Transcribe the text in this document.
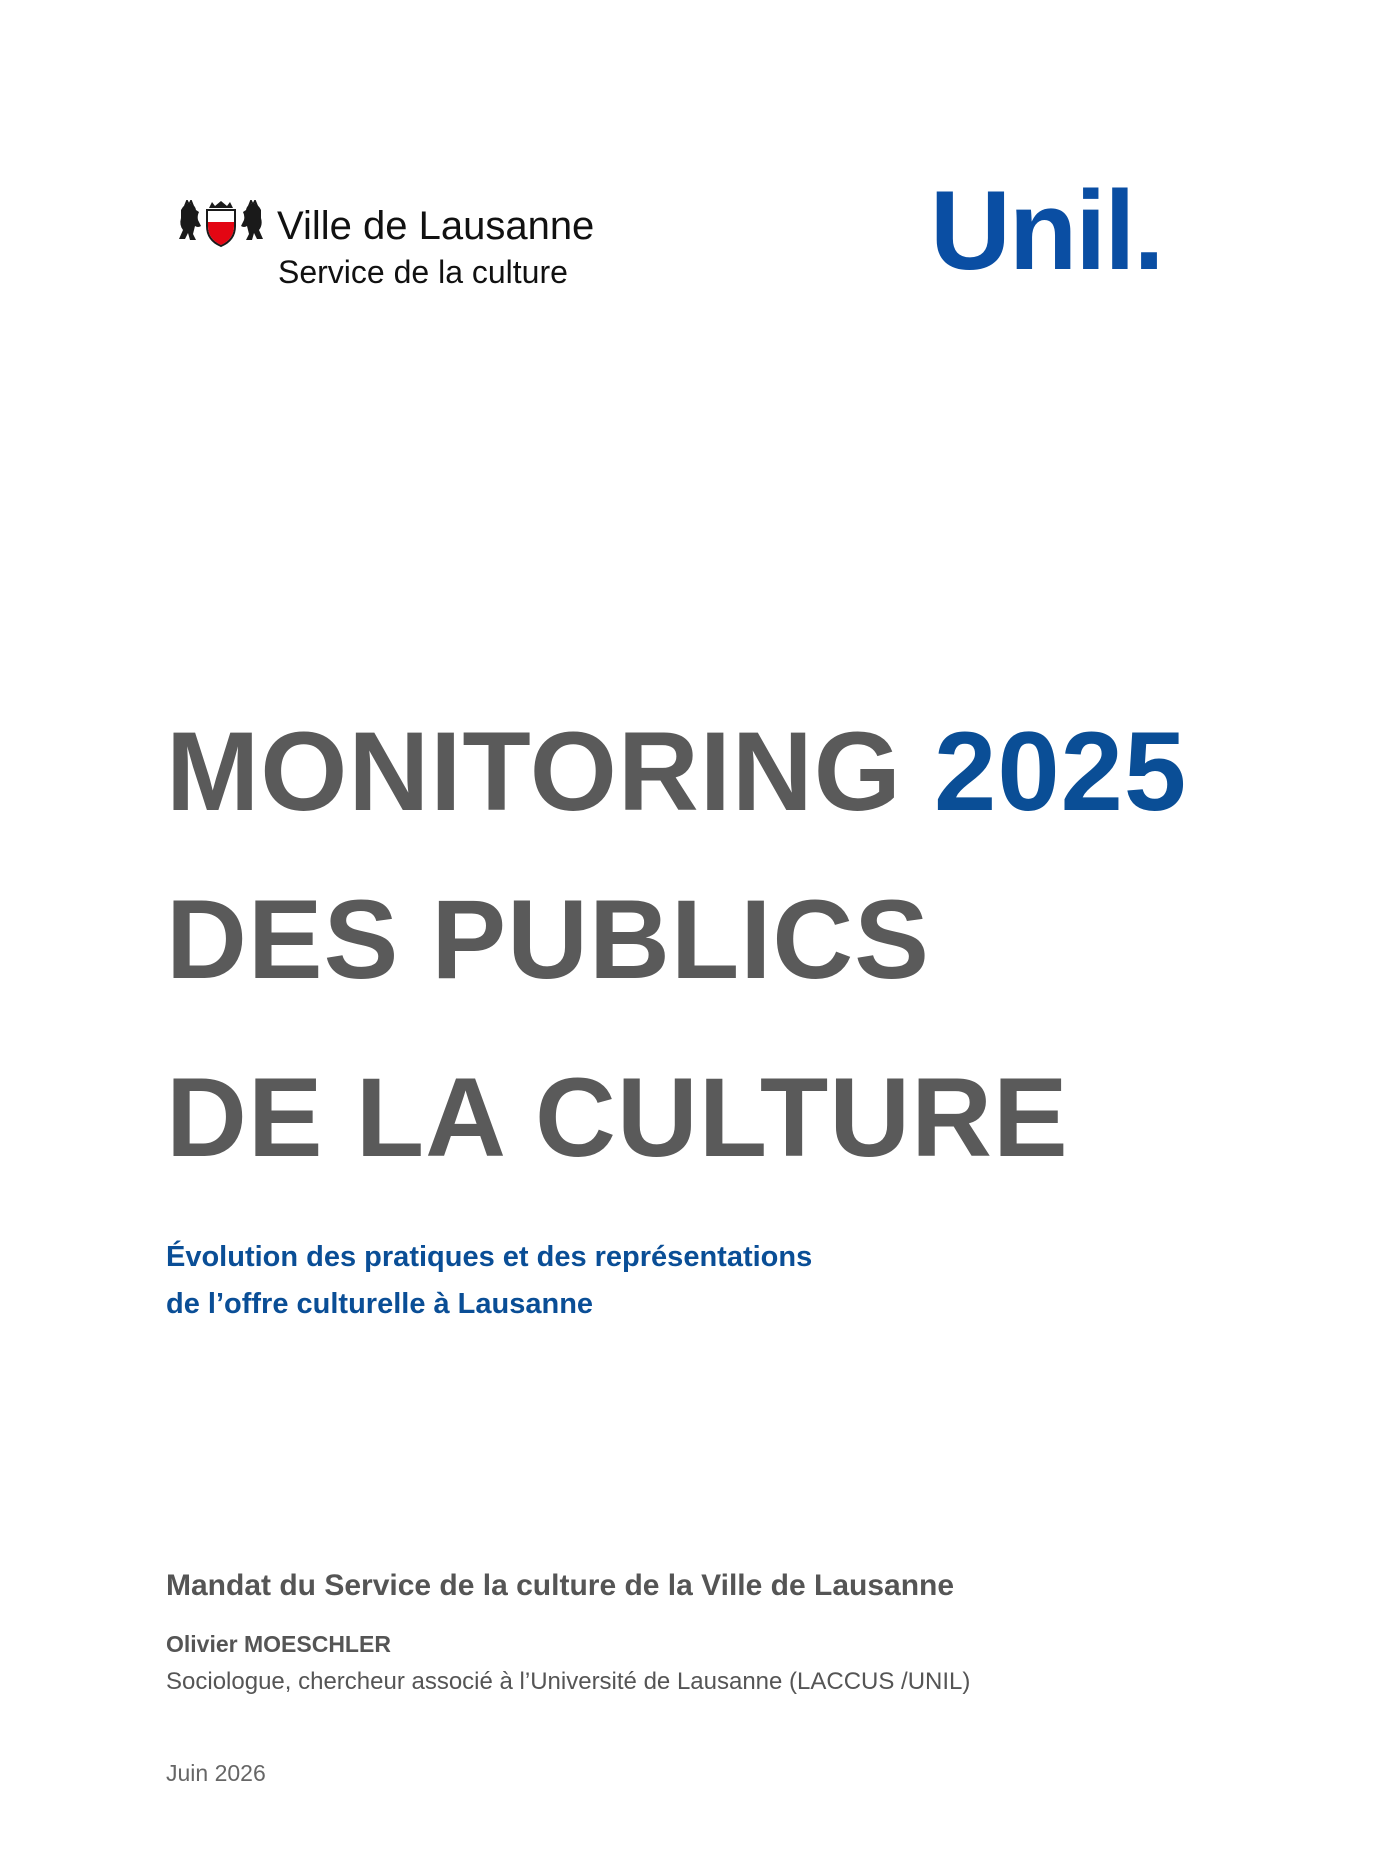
Ville de Lausanne
Service de la culture	Unil.
MONITORING 2025
DES PUBLICS
DE LA CULTURE
Évolution des pratiques et des représentations
de l’offre culturelle à Lausanne
Mandat du Service de la culture de la Ville de Lausanne
Olivier MOESCHLER
Sociologue, chercheur associé à l’Université de Lausanne (LACCUS /UNIL)
Juin 2026
